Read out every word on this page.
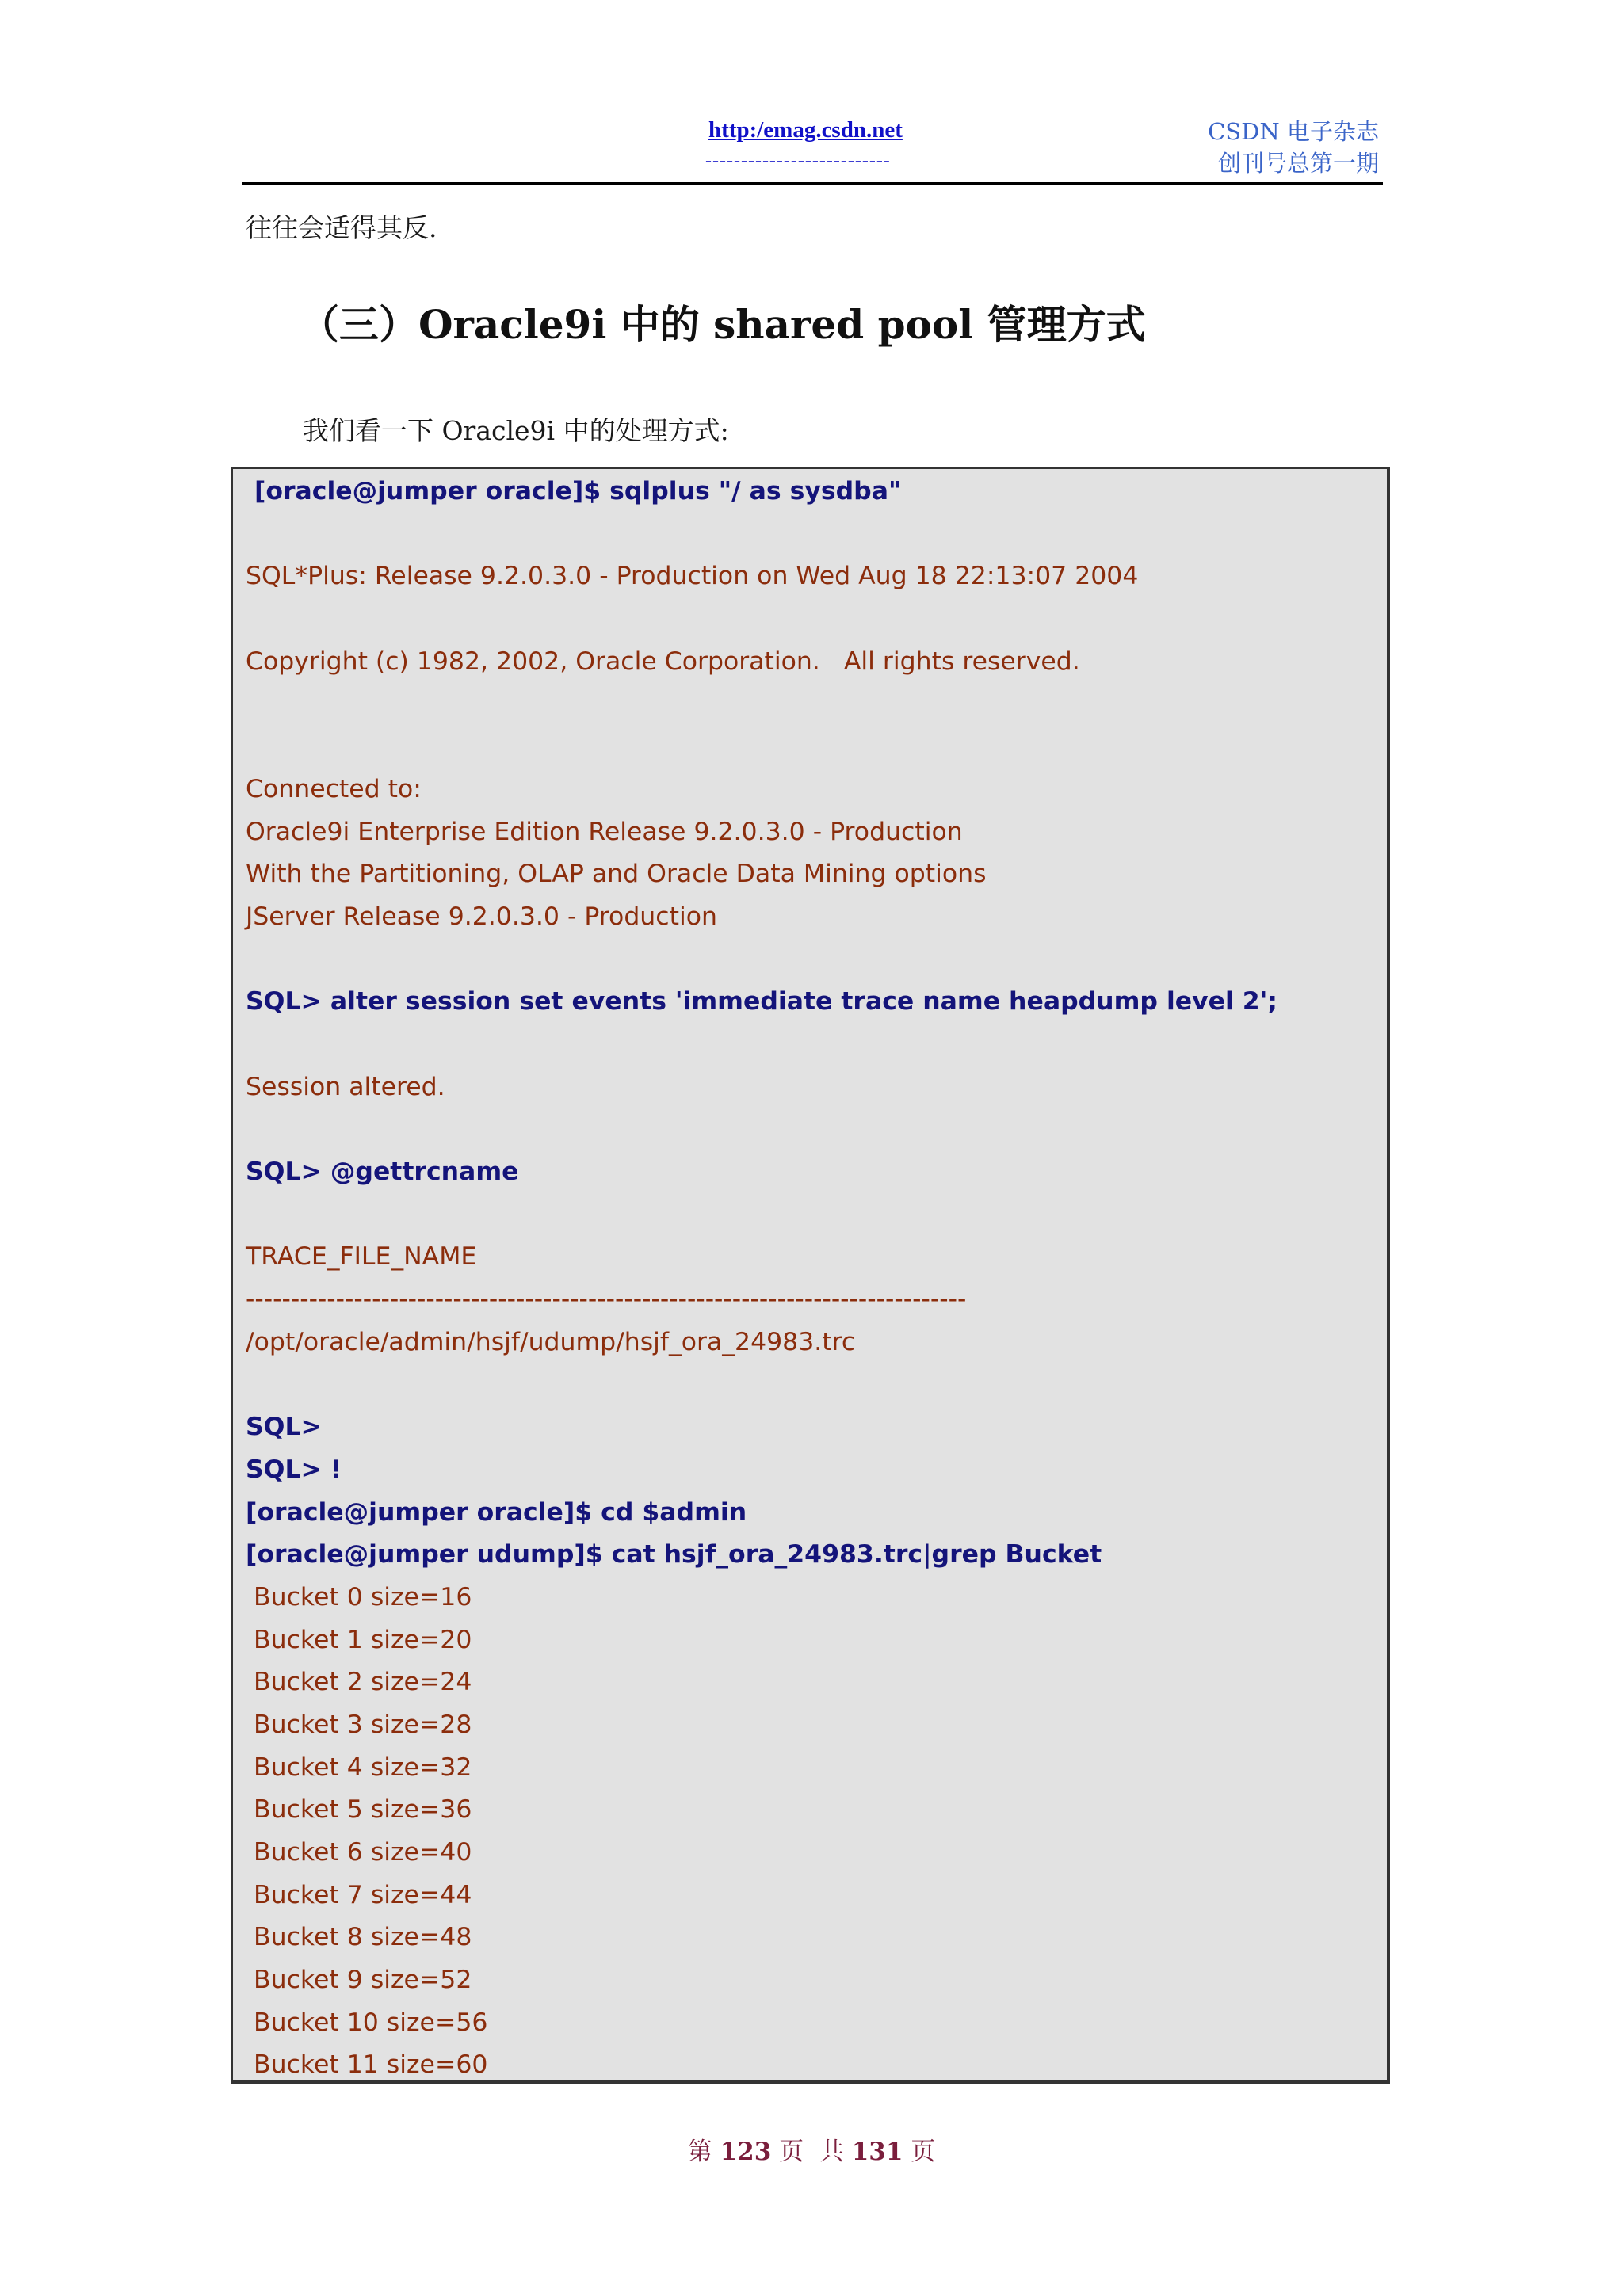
http:/emag.csdn.net
--------------------------
CSDN 电子杂志
创刊号总第一期
往往会适得其反.
（三）Oracle9i 中的 shared pool 管理方式
我们看一下 Oracle9i 中的处理方式:
[oracle@jumper oracle]$ sqlplus "/ as sysdba"
SQL*Plus: Release 9.2.0.3.0 - Production on Wed Aug 18 22:13:07 2004
Copyright (c) 1982, 2002, Oracle Corporation.   All rights reserved.
Connected to:
Oracle9i Enterprise Edition Release 9.2.0.3.0 - Production
With the Partitioning, OLAP and Oracle Data Mining options
JServer Release 9.2.0.3.0 - Production
SQL> alter session set events 'immediate trace name heapdump level 2';
Session altered.
SQL> @gettrcname
TRACE_FILE_NAME
--------------------------------------------------------------------------------
/opt/oracle/admin/hsjf/udump/hsjf_ora_24983.trc
SQL>
SQL> !
[oracle@jumper oracle]$ cd $admin
[oracle@jumper udump]$ cat hsjf_ora_24983.trc|grep Bucket
Bucket 0 size=16
Bucket 1 size=20
Bucket 2 size=24
Bucket 3 size=28
Bucket 4 size=32
Bucket 5 size=36
Bucket 6 size=40
Bucket 7 size=44
Bucket 8 size=48
Bucket 9 size=52
Bucket 10 size=56
Bucket 11 size=60
第 123 页  共 131 页
